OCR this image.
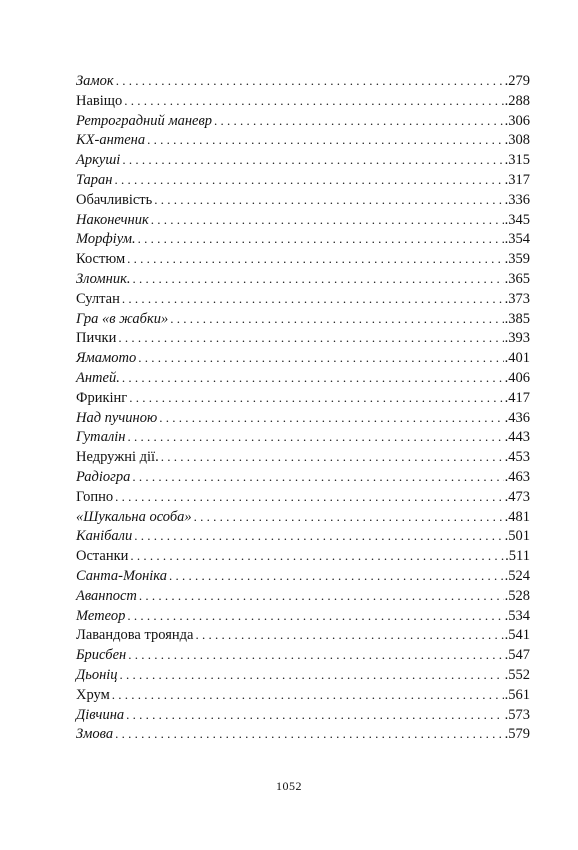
Замок . . .	.279
Навіщо . . .	.288
Ретроградний маневр . . .	.306
КХ-антена . . .	.308
Аркуші . . .	.315
Таран . . .	.317
Обачливість . . .	.336
Наконечник . . .	.345
Морфіум. . . .	.354
Костюм . . .	.359
Зломник. . . .	.365
Султан . . .	.373
Гра «в жабки» . . .	.385
Пички . . .	.393
Ямамото . . .	.401
Антей. . . .	.406
Фрикінг . . .	.417
Над пучиною . . .	.436
Гуталін . . .	.443
Недружні дії. . . .	.453
Радіогра . . .	.463
Гопно . . .	.473
«Шукальна особа» . . .	.481
Канібали . . .	.501
Останки . . .	.511
Санта-Моніка . . .	.524
Аванпост . . .	.528
Метеор . . .	.534
Лавандова троянда . . .	.541
Брисбен . . .	.547
Дьоніц . . .	.552
Хрум . . .	.561
Дівчина . . .	.573
Змова . . .	.579
1052
